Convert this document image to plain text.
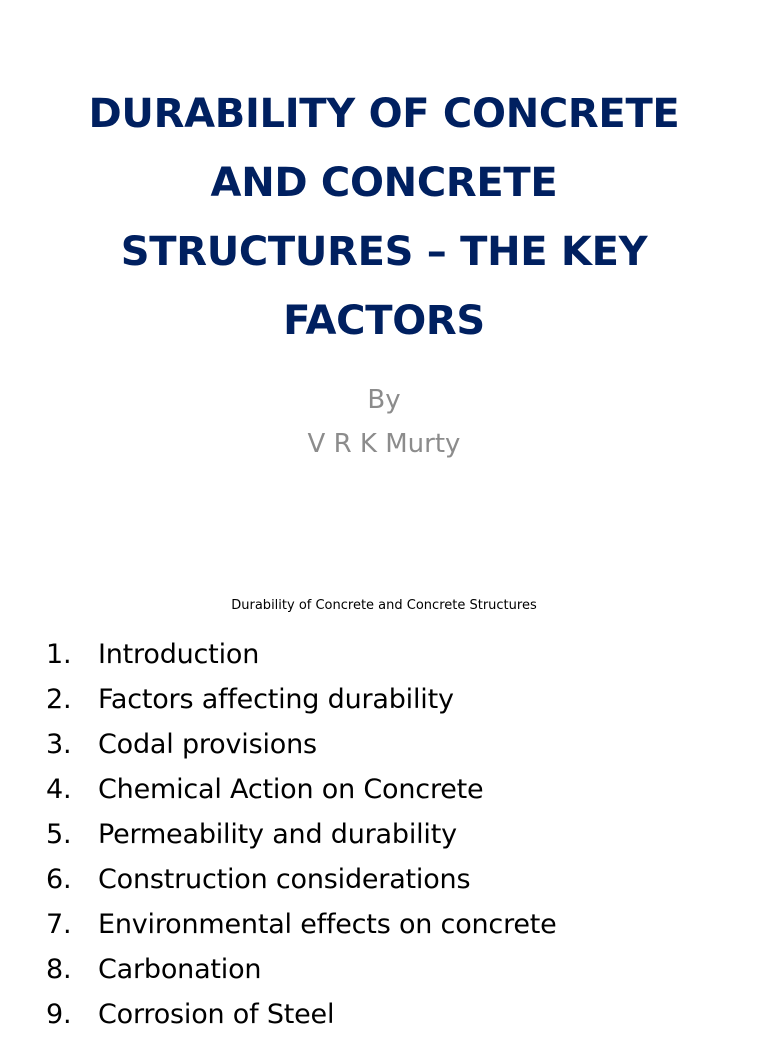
DURABILITY OF CONCRETE
AND CONCRETE
STRUCTURES – THE KEY
FACTORS
By
V R K Murty
Durability of Concrete and Concrete Structures
1. Introduction
2. Factors affecting durability
3. Codal provisions
4. Chemical Action on Concrete
5. Permeability and durability
6. Construction considerations
7. Environmental effects on concrete
8. Carbonation
9. Corrosion of Steel
